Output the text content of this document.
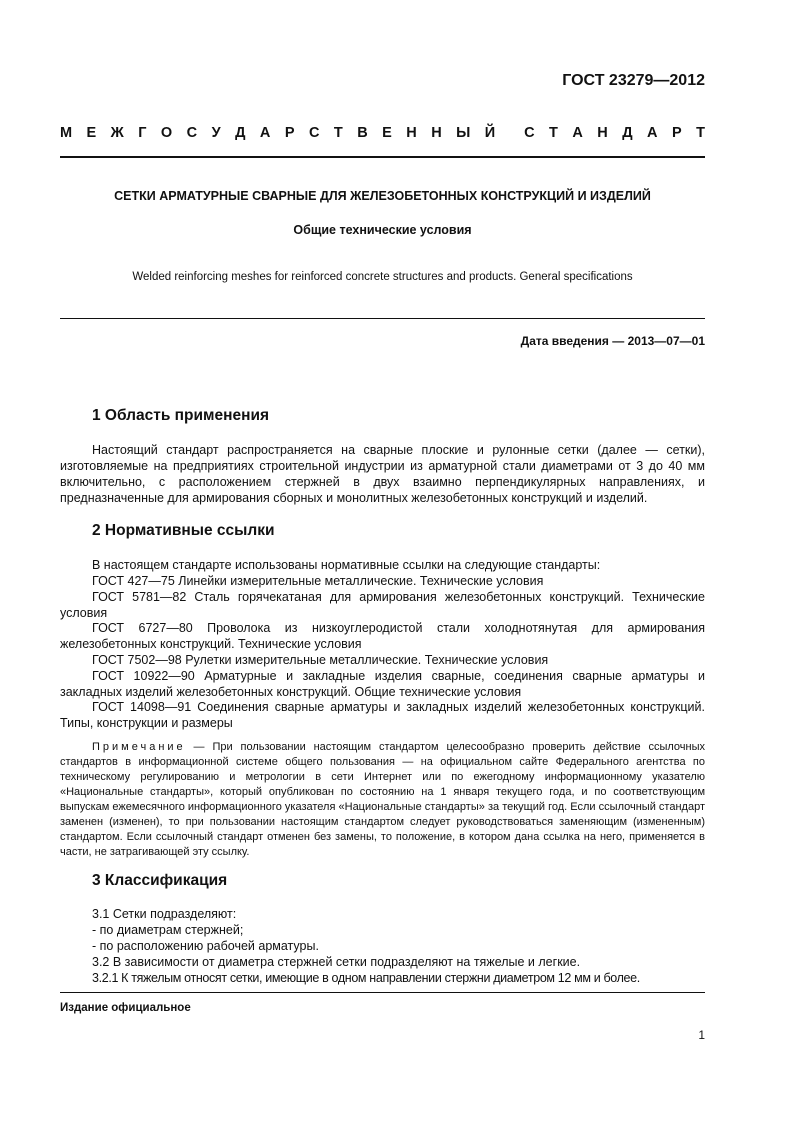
ГОСТ 23279—2012
М Е Ж Г О С У Д А Р С Т В Е Н Н Ы Й С Т А Н Д А Р Т
СЕТКИ АРМАТУРНЫЕ СВАРНЫЕ ДЛЯ ЖЕЛЕЗОБЕТОННЫХ КОНСТРУКЦИЙ И ИЗДЕЛИЙ
Общие технические условия
Welded reinforcing meshes for reinforced concrete structures and products. General specifications
Дата введения — 2013—07—01
1 Область применения
Настоящий стандарт распространяется на сварные плоские и рулонные сетки (далее — сетки), изготовляемые на предприятиях строительной индустрии из арматурной стали диаметрами от 3 до 40 мм включительно, с расположением стержней в двух взаимно перпендикулярных направлениях, и предназначенные для армирования сборных и монолитных железобетонных конструкций и изделий.
2 Нормативные ссылки
В настоящем стандарте использованы нормативные ссылки на следующие стандарты:
ГОСТ 427—75 Линейки измерительные металлические. Технические условия
ГОСТ 5781—82 Сталь горячекатаная для армирования железобетонных конструкций. Технические условия
ГОСТ 6727—80 Проволока из низкоуглеродистой стали холоднотянутая для армирования железобетонных конструкций. Технические условия
ГОСТ 7502—98 Рулетки измерительные металлические. Технические условия
ГОСТ 10922—90 Арматурные и закладные изделия сварные, соединения сварные арматуры и закладных изделий железобетонных конструкций. Общие технические условия
ГОСТ 14098—91 Соединения сварные арматуры и закладных изделий железобетонных конструкций. Типы, конструкции и размеры
Примечание — При пользовании настоящим стандартом целесообразно проверить действие ссылочных стандартов в информационной системе общего пользования — на официальном сайте Федерального агентства по техническому регулированию и метрологии в сети Интернет или по ежегодному информационному указателю «Национальные стандарты», который опубликован по состоянию на 1 января текущего года, и по соответствующим выпускам ежемесячного информационного указателя «Национальные стандарты» за текущий год. Если ссылочный стандарт заменен (изменен), то при пользовании настоящим стандартом следует руководствоваться заменяющим (измененным) стандартом. Если ссылочный стандарт отменен без замены, то положение, в котором дана ссылка на него, применяется в части, не затрагивающей эту ссылку.
3 Классификация
3.1 Сетки подразделяют:
- по диаметрам стержней;
- по расположению рабочей арматуры.
3.2 В зависимости от диаметра стержней сетки подразделяют на тяжелые и легкие.
3.2.1 К тяжелым относят сетки, имеющие в одном направлении стержни диаметром 12 мм и более.
Издание официальное
1
